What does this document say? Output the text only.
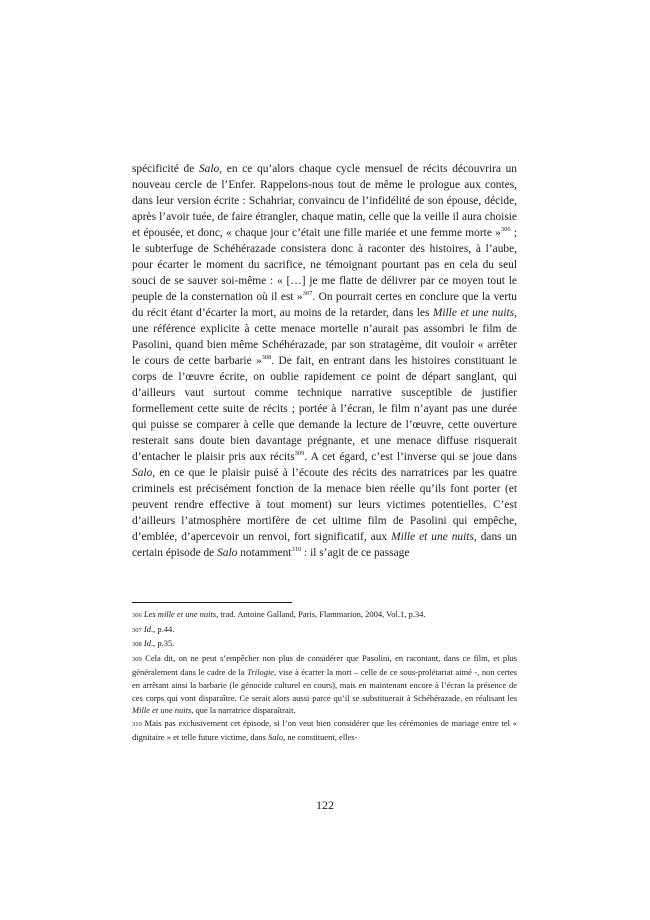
spécificité de Salo, en ce qu’alors chaque cycle mensuel de récits découvrira un nouveau cercle de l’Enfer. Rappelons-nous tout de même le prologue aux contes, dans leur version écrite : Schahriar, convaincu de l’infidélité de son épouse, décide, après l’avoir tuée, de faire étrangler, chaque matin, celle que la veille il aura choisie et épousée, et donc, « chaque jour c’était une fille mariée et une femme morte »$^{306}$ ; le subterfuge de Schéhérazade consistera donc à raconter des histoires, à l’aube, pour écarter le moment du sacrifice, ne témoignant pourtant pas en cela du seul souci de se sauver soi-même : « […] je me flatte de délivrer par ce moyen tout le peuple de la consternation où il est »$^{307}$. On pourrait certes en conclure que la vertu du récit étant d’écarter la mort, au moins de la retarder, dans les Mille et une nuits, une référence explicite à cette menace mortelle n’aurait pas assombri le film de Pasolini, quand bien même Schéhérazade, par son stratagème, dit vouloir « arrêter le cours de cette barbarie »$^{308}$. De fait, en entrant dans les histoires constituant le corps de l’œuvre écrite, on oublie rapidement ce point de départ sanglant, qui d’ailleurs vaut surtout comme technique narrative susceptible de justifier formellement cette suite de récits ; portée à l’écran, le film n’ayant pas une durée qui puisse se comparer à celle que demande la lecture de l’œuvre, cette ouverture resterait sans doute bien davantage prégnante, et une menace diffuse risquerait d’entacher le plaisir pris aux récits$^{309}$. A cet égard, c’est l’inverse qui se joue dans Salo, en ce que le plaisir puisé à l’écoute des récits des narratrices par les quatre criminels est précisément fonction de la menace bien réelle qu’ils font porter (et peuvent rendre effective à tout moment) sur leurs victimes potentielles. C’est d’ailleurs l’atmosphère mortifère de cet ultime film de Pasolini qui empêche, d’emblée, d’apercevoir un renvoi, fort significatif, aux Mille et une nuits, dans un certain épisode de Salo notamment$^{310}$ : il s’agit de ce passage

306 Les mille et une nuits, trad. Antoine Galland, Paris, Flammarion, 2004, Vol.1, p.34.

307 Id., p.44.

308 Id., p.35.

309 Cela dit, on ne peut s’empêcher non plus de considérer que Pasolini, en racontant, dans ce film, et plus généralement dans le cadre de la Trilogie, vise à écarter la mort – celle de ce sous-prolétariat aimé -, non certes en arrêtant ainsi la barbarie (le génocide culturel en cours), mais en maintenant encore à l’écran la présence de ces corps qui vont disparaître. Ce serait alors aussi parce qu’il se substituerait à Schéhérazade, en réalisant les Mille et une nuits, que la narratrice disparaîtrait.

310 Mais pas exclusivement cet épisode, si l’on veut bien considérer que les cérémonies de mariage entre tel « dignitaire » et telle future victime, dans Salo, ne constituent, elles-

122
